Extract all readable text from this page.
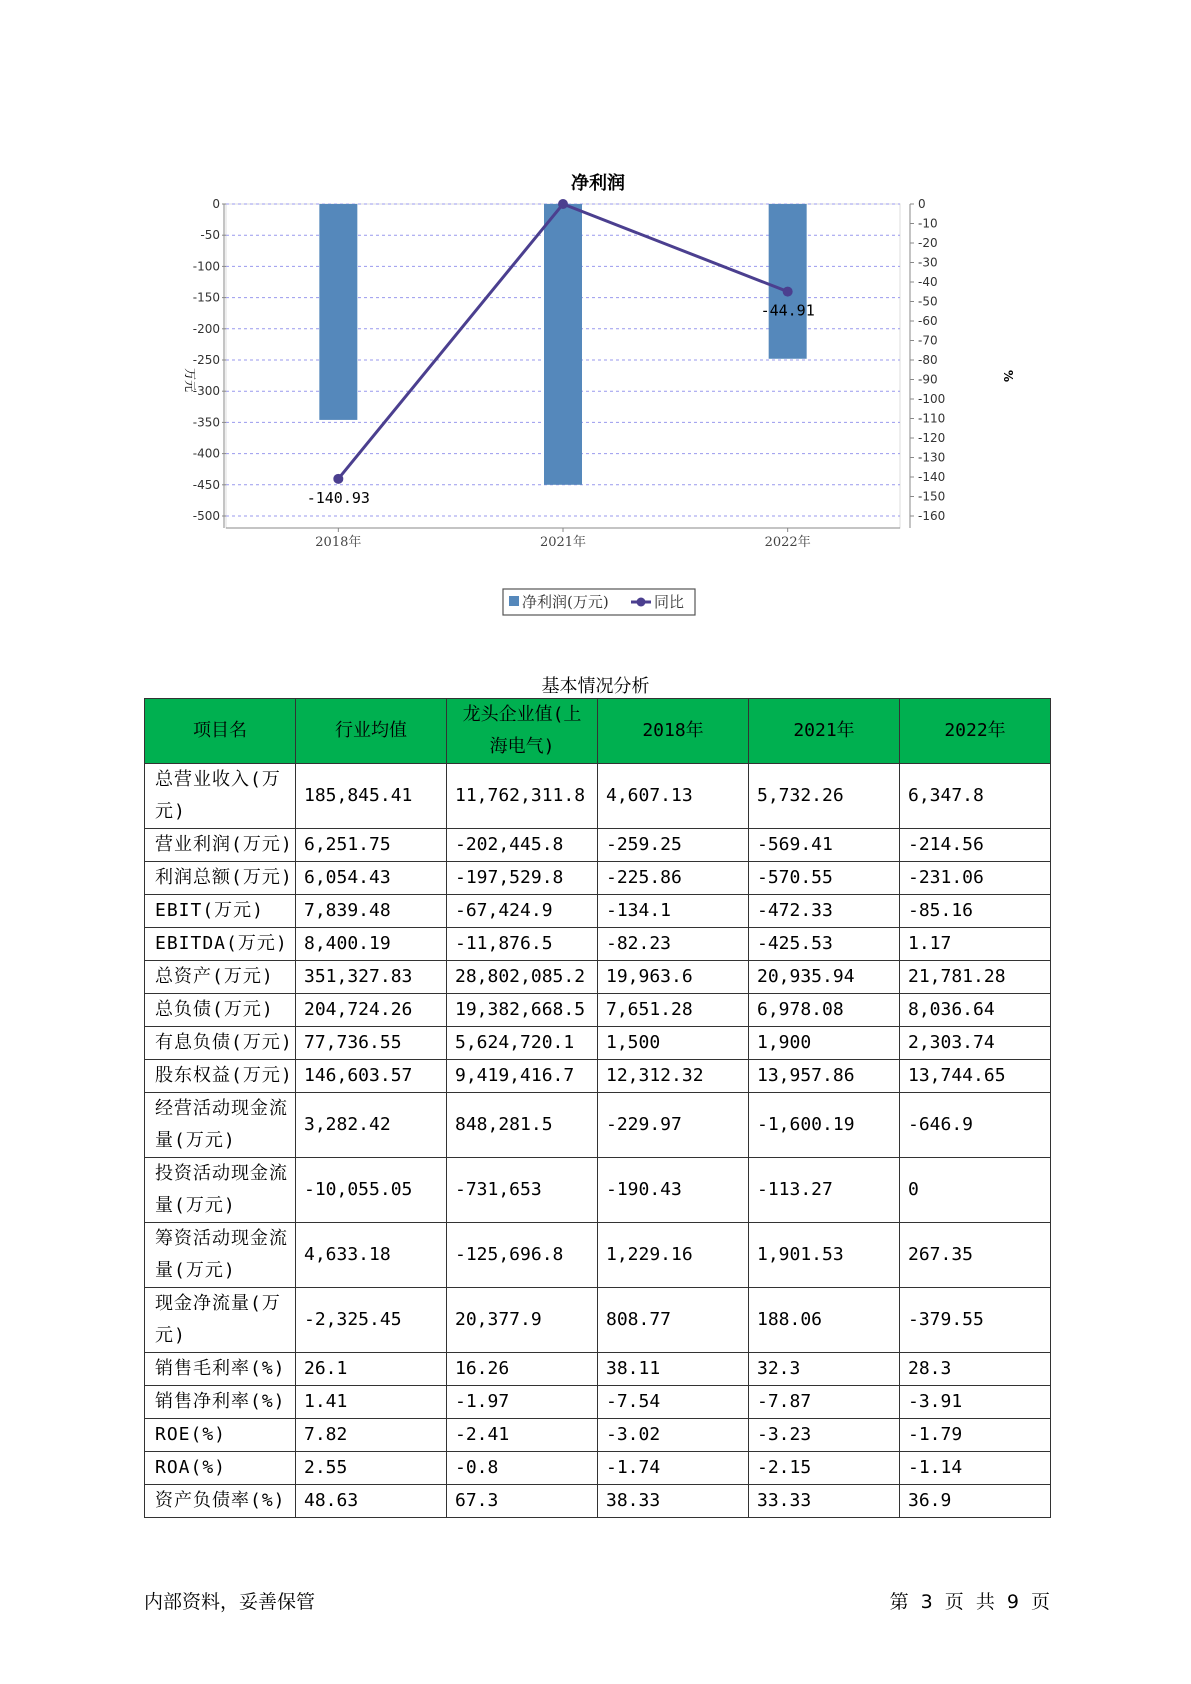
净利润
0
-50
-100
-150
-200
-250
-300
-350
-400
-450
-500
0
-10
-20
-30
-40
-50
-60
-70
-80
-90
-100
-110
-120
-130
-140
-150
-160
2018年	2021年	2022年
-140.93
-44.91
万元	%
净利润(万元)	同比
基本情况分析
项目名	行业均值	龙头企业值(上海电气)	2018年	2021年	2022年
总营业收入(万元)	185,845.41	11,762,311.8	4,607.13	5,732.26	6,347.8
营业利润(万元)	6,251.75	-202,445.8	-259.25	-569.41	-214.56
利润总额(万元)	6,054.43	-197,529.8	-225.86	-570.55	-231.06
EBIT(万元)	7,839.48	-67,424.9	-134.1	-472.33	-85.16
EBITDA(万元)	8,400.19	-11,876.5	-82.23	-425.53	1.17
总资产(万元)	351,327.83	28,802,085.2	19,963.6	20,935.94	21,781.28
总负债(万元)	204,724.26	19,382,668.5	7,651.28	6,978.08	8,036.64
有息负债(万元)	77,736.55	5,624,720.1	1,500	1,900	2,303.74
股东权益(万元)	146,603.57	9,419,416.7	12,312.32	13,957.86	13,744.65
经营活动现金流量(万元)	3,282.42	848,281.5	-229.97	-1,600.19	-646.9
投资活动现金流量(万元)	-10,055.05	-731,653	-190.43	-113.27	0
筹资活动现金流量(万元)	4,633.18	-125,696.8	1,229.16	1,901.53	267.35
现金净流量(万元)	-2,325.45	20,377.9	808.77	188.06	-379.55
销售毛利率(%)	26.1	16.26	38.11	32.3	28.3
销售净利率(%)	1.41	-1.97	-7.54	-7.87	-3.91
ROE(%)	7.82	-2.41	-3.02	-3.23	-1.79
ROA(%)	2.55	-0.8	-1.74	-2.15	-1.14
资产负债率(%)	48.63	67.3	38.33	33.33	36.9
内部资料，妥善保管	第 3 页 共 9 页
